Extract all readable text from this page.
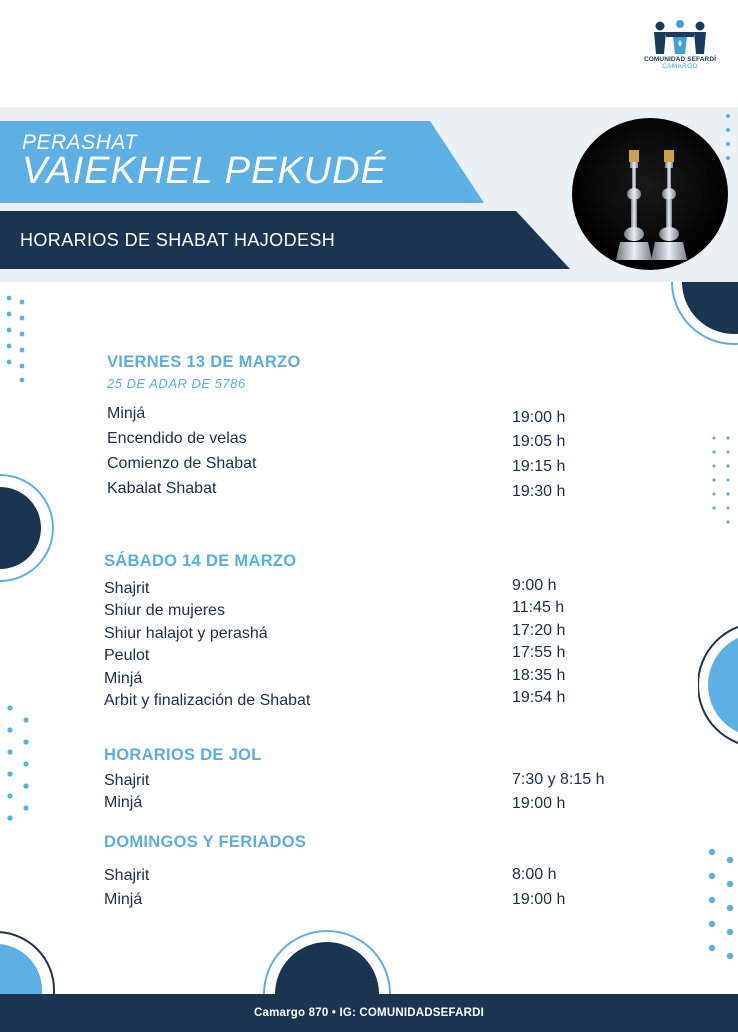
COMUNIDAD SEFARDÍ
CAMARGO
PERASHAT
VAIEKHEL PEKUDÉ
HORARIOS DE SHABAT HAJODESH
VIERNES 13 DE MARZO
25 DE ADAR DE 5786
Minjá	19:00 h
Encendido de velas	19:05 h
Comienzo de Shabat	19:15 h
Kabalat Shabat	19:30 h
SÁBADO 14 DE MARZO
Shajrit	9:00 h
Shiur de mujeres	11:45 h
Shiur halajot y perashá	17:20 h
Peulot	17:55 h
Minjá	18:35 h
Arbit y finalización de Shabat	19:54 h
HORARIOS DE JOL
Shajrit	7:30 y 8:15 h
Minjá	19:00 h
DOMINGOS Y FERIADOS
Shajrit	8:00 h
Minjá	19:00 h
Camargo 870 • IG: COMUNIDADSEFARDI
